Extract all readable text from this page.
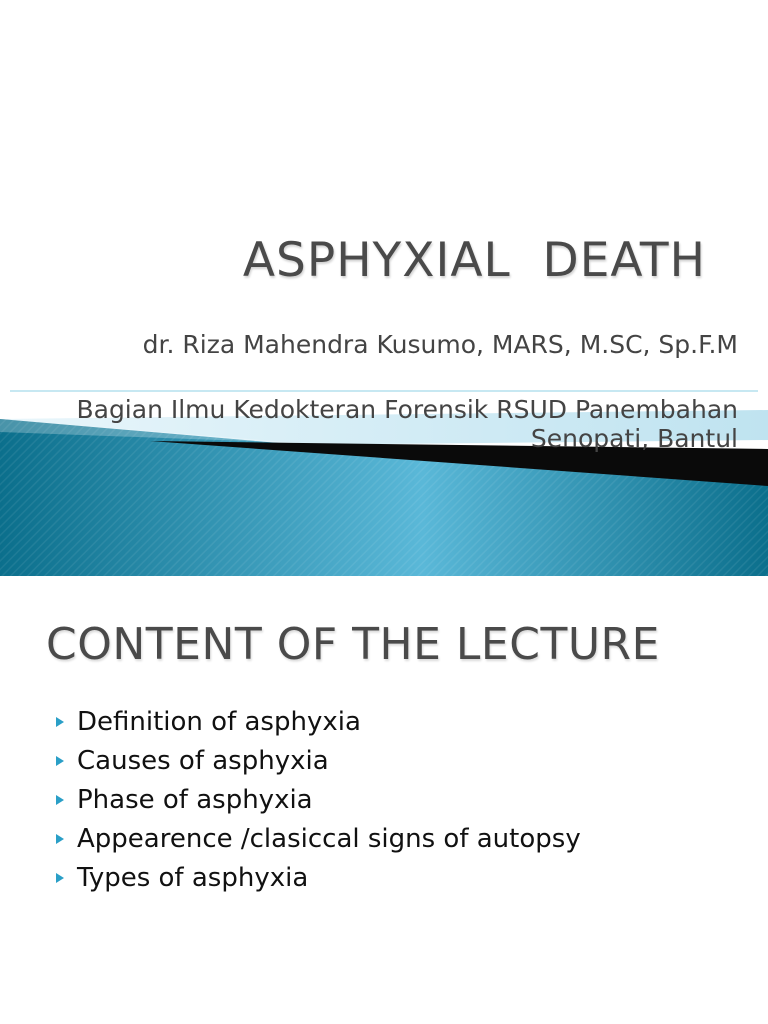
ASPHYXIAL  DEATH
dr. Riza Mahendra Kusumo, MARS, M.SC, Sp.F.M
Bagian Ilmu Kedokteran Forensik RSUD Panembahan Senopati, Bantul
CONTENT OF THE LECTURE
Definition of asphyxia
Causes of asphyxia
Phase of asphyxia
Appearence /clasiccal signs of autopsy
Types of asphyxia
